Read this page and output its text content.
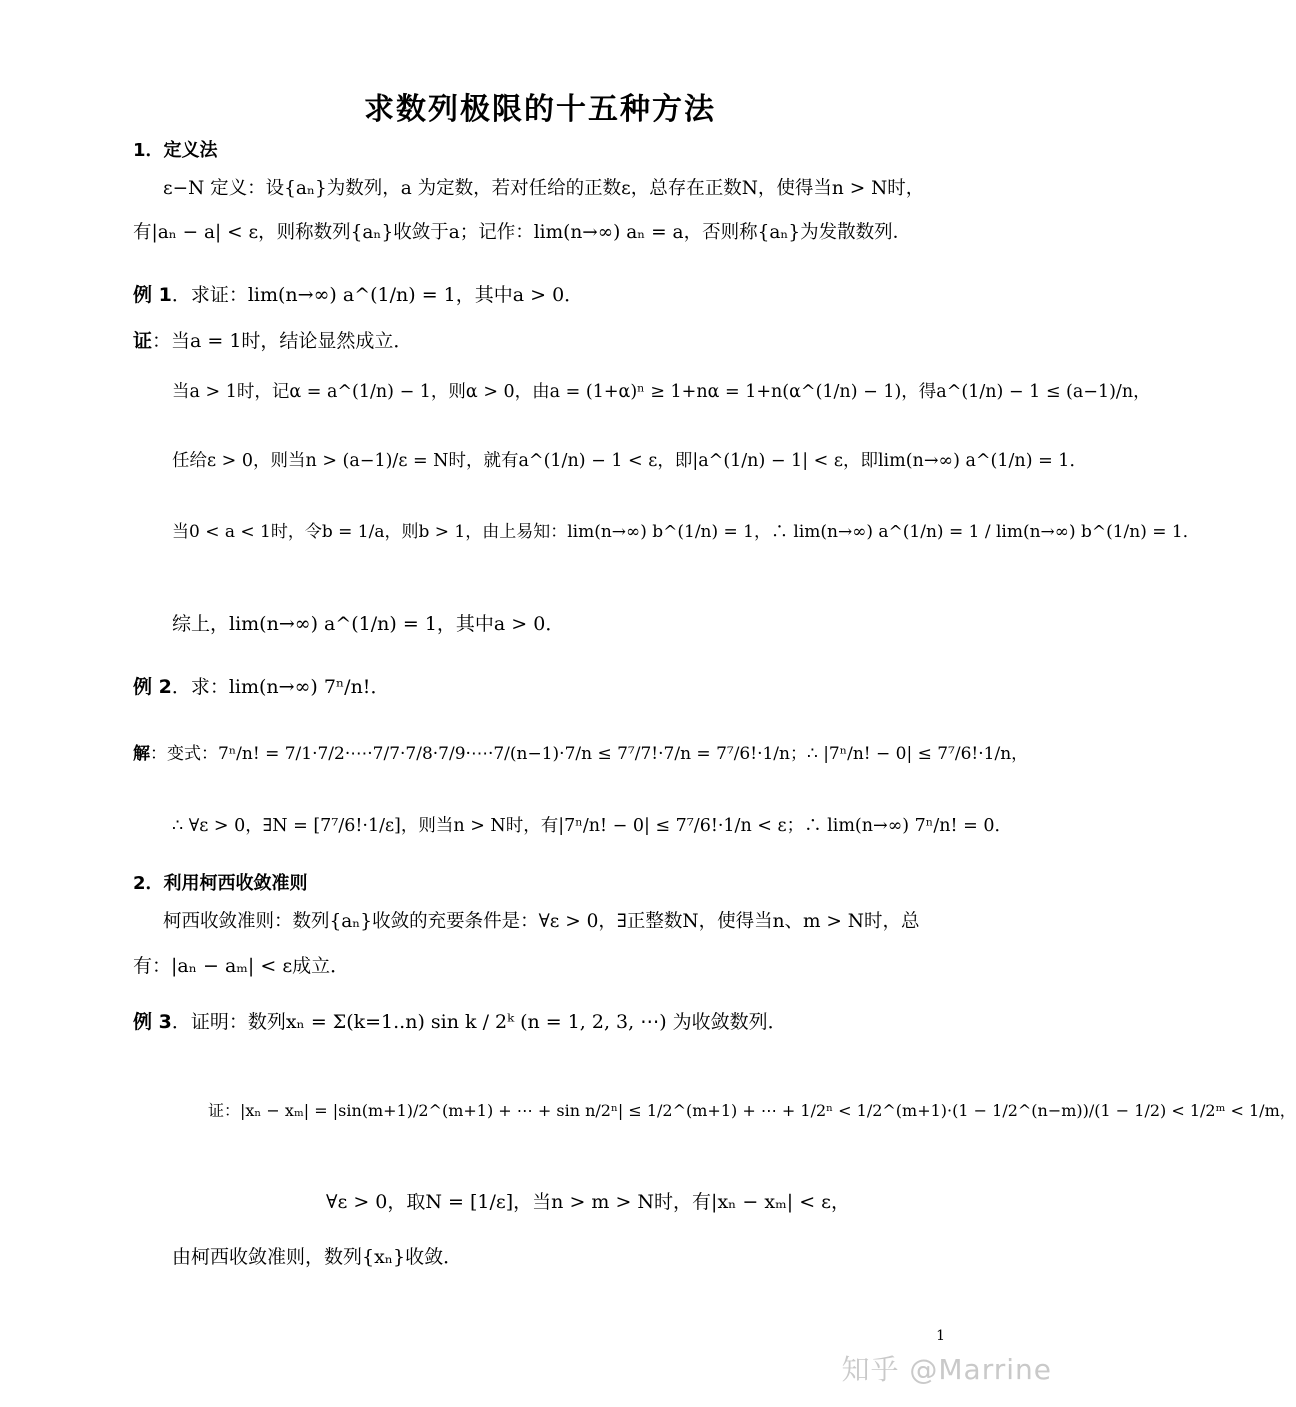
求数列极限的十五种方法
1．定义法
ε−N 定义：设{aₙ}为数列，a 为定数，若对任给的正数ε，总存在正数N，使得当n > N时，
有|aₙ − a| < ε，则称数列{aₙ}收敛于a；记作：lim(n→∞) aₙ = a，否则称{aₙ}为发散数列．
例 1．求证：lim(n→∞) a^(1/n) = 1，其中a > 0．
证：当a = 1时，结论显然成立．
当a > 1时，记α = a^(1/n) − 1，则α > 0，由a = (1+α)ⁿ ≥ 1+nα = 1+n(α^(1/n) − 1)，得a^(1/n) − 1 ≤ (a−1)/n，
任给ε > 0，则当n > (a−1)/ε = N时，就有a^(1/n) − 1 < ε，即|a^(1/n) − 1| < ε，即lim(n→∞) a^(1/n) = 1．
当0 < a < 1时，令b = 1/a，则b > 1，由上易知：lim(n→∞) b^(1/n) = 1，∴ lim(n→∞) a^(1/n) = 1 / lim(n→∞) b^(1/n) = 1．
综上，lim(n→∞) a^(1/n) = 1，其中a > 0．
例 2．求：lim(n→∞) 7ⁿ/n!．
解：变式：7ⁿ/n! = 7/1·7/2·⋯·7/7·7/8·7/9·⋯·7/(n−1)·7/n ≤ 7⁷/7!·7/n = 7⁷/6!·1/n；∴ |7ⁿ/n! − 0| ≤ 7⁷/6!·1/n，
∴ ∀ε > 0，∃N = [7⁷/6!·1/ε]，则当n > N时，有|7ⁿ/n! − 0| ≤ 7⁷/6!·1/n < ε；∴ lim(n→∞) 7ⁿ/n! = 0．
2．利用柯西收敛准则
柯西收敛准则：数列{aₙ}收敛的充要条件是：∀ε > 0，∃正整数N，使得当n、m > N时，总
有：|aₙ − aₘ| < ε成立．
例 3．证明：数列xₙ = Σ(k=1..n) sin k / 2ᵏ (n = 1, 2, 3, ⋯) 为收敛数列．
证：|xₙ − xₘ| = |sin(m+1)/2^(m+1) + ⋯ + sin n/2ⁿ| ≤ 1/2^(m+1) + ⋯ + 1/2ⁿ < 1/2^(m+1)·(1 − 1/2^(n−m))/(1 − 1/2) < 1/2ᵐ < 1/m，
∀ε > 0，取N = [1/ε]，当n > m > N时，有|xₙ − xₘ| < ε，
由柯西收敛准则，数列{xₙ}收敛．
1
知乎 @Marrine
